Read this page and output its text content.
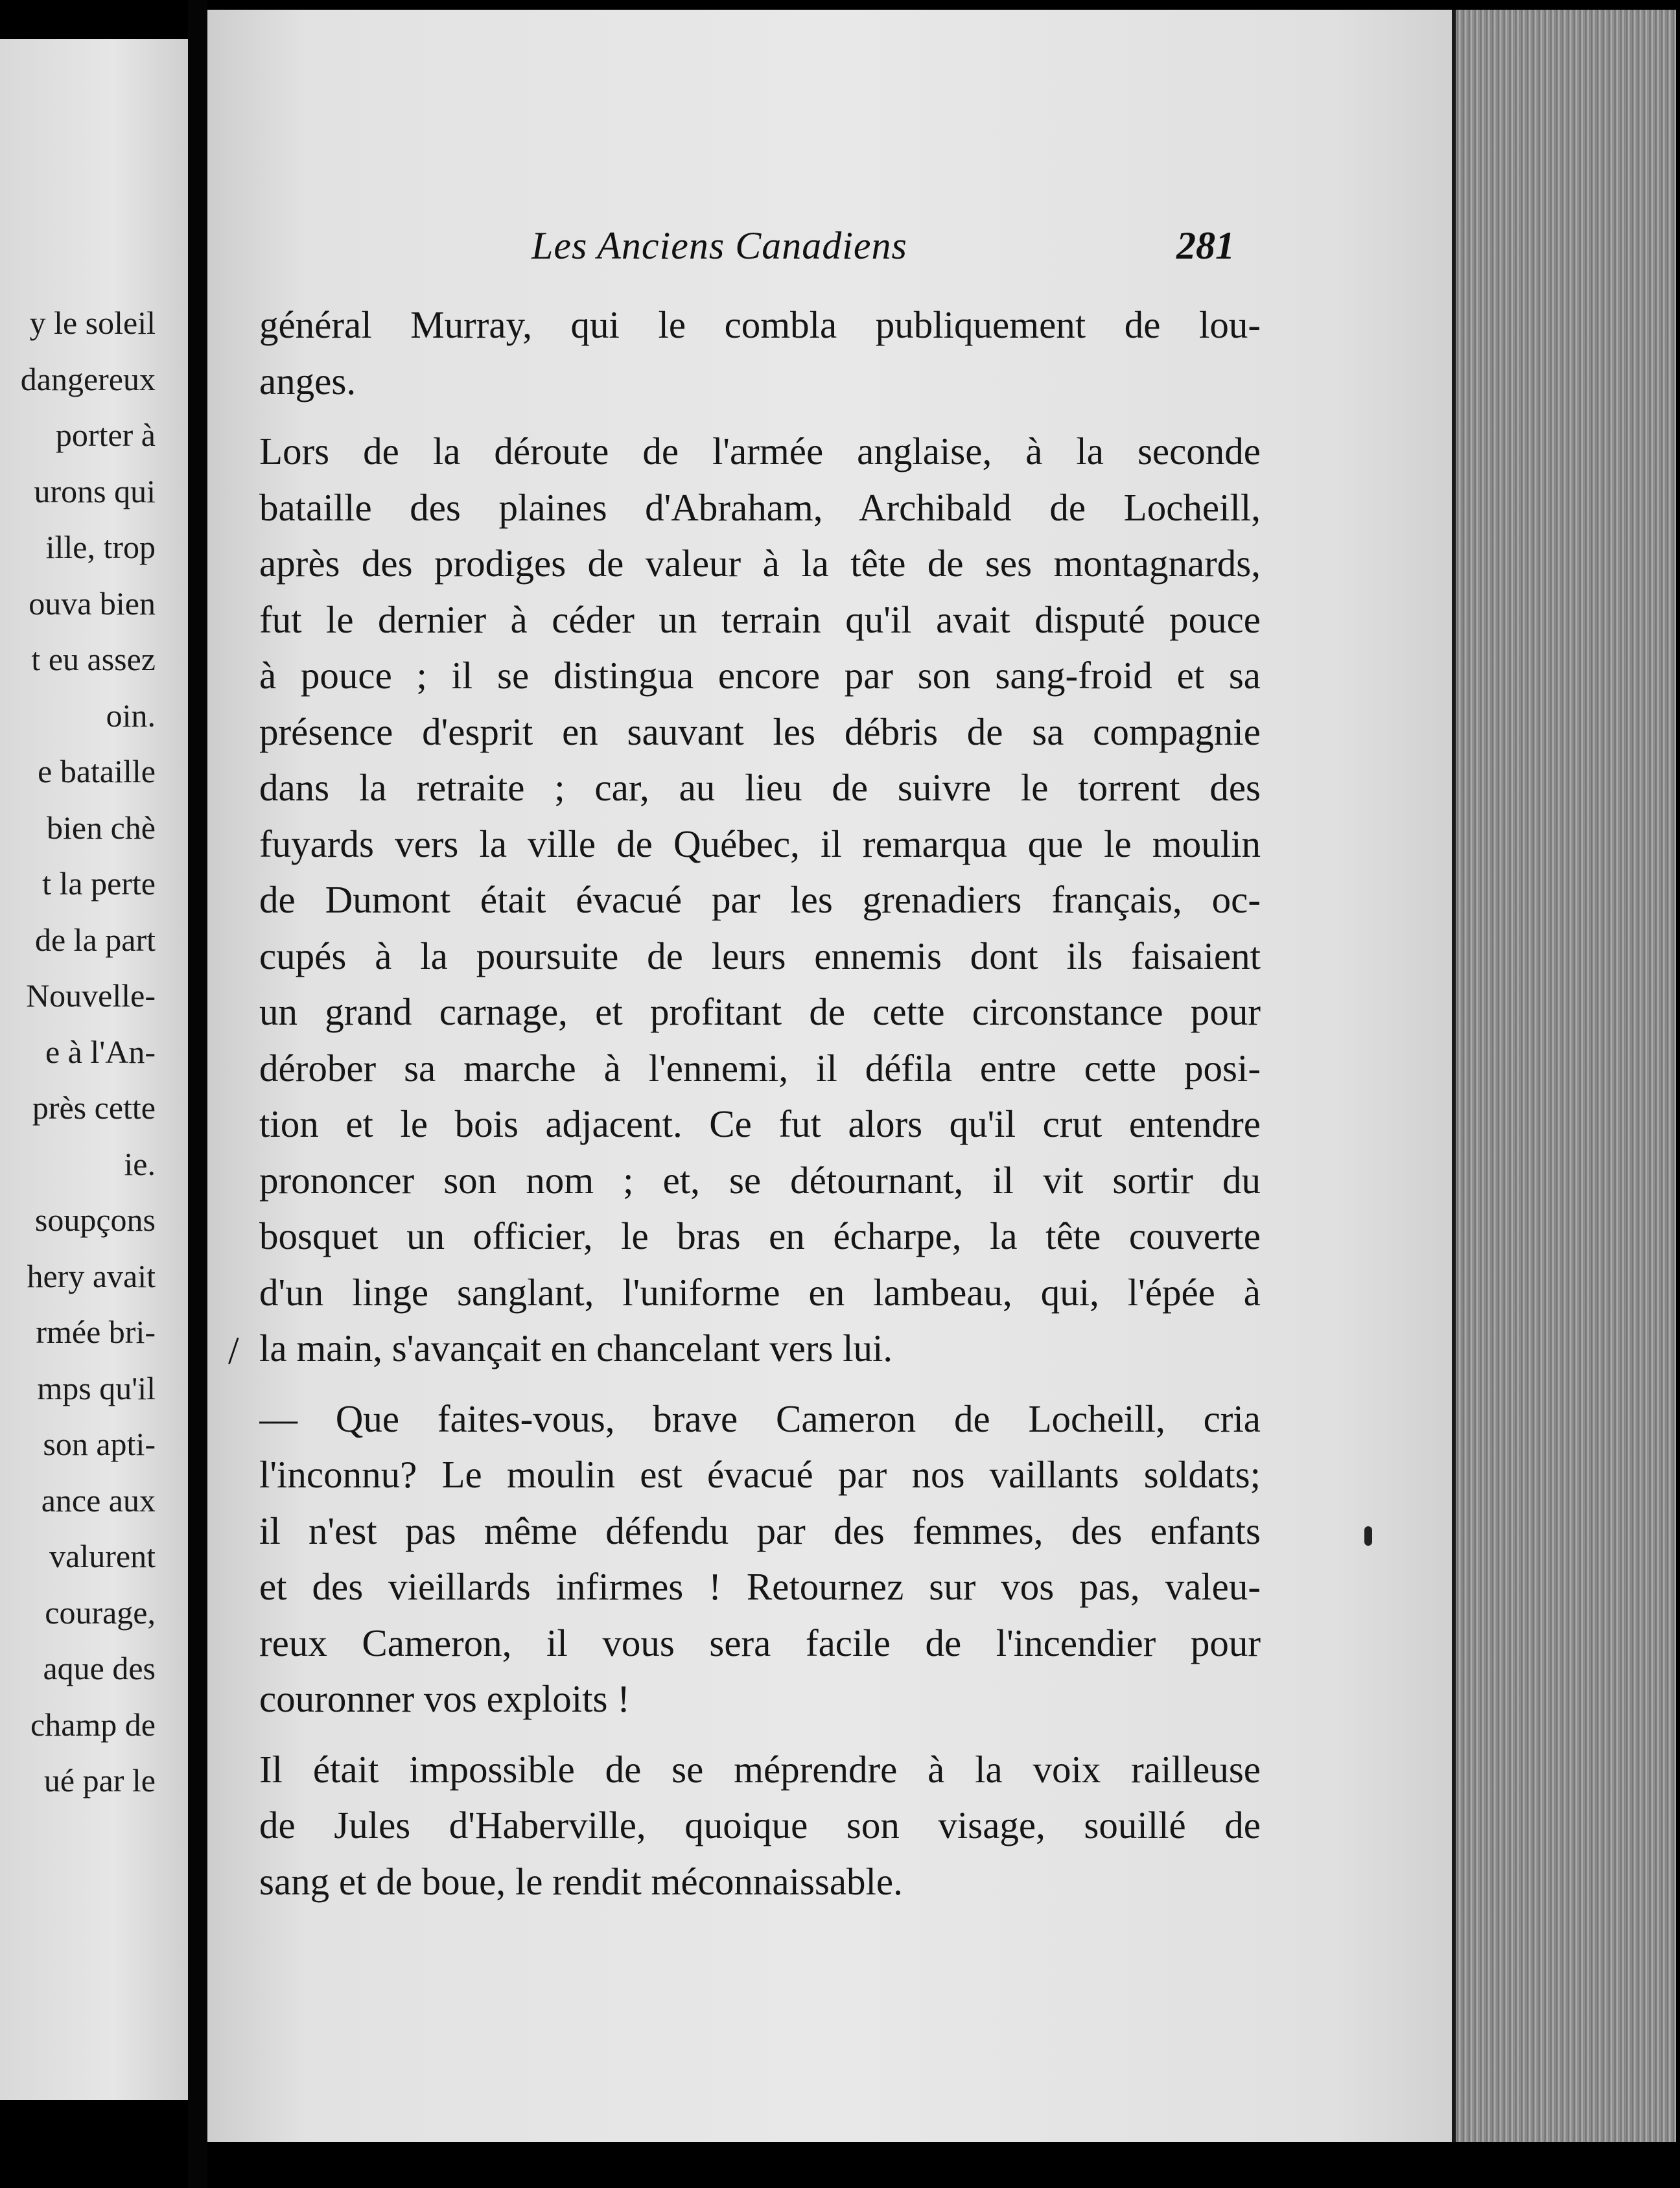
y le soleil
dangereux
porter à
urons qui
ille, trop
ouva bien
t eu assez
oin.
e bataille
bien chè
t la perte
de la part
Nouvelle-
e à l'An-
près cette
ie.
soupçons
hery avait
rmée bri-
mps qu'il
son apti-
ance aux
valurent
courage,
aque des
champ de
ué par le
Les Anciens Canadiens	281
général Murray, qui le combla publiquement de lou-
anges.
Lors de la déroute de l'armée anglaise, à la seconde
bataille des plaines d'Abraham, Archibald de Locheill,
après des prodiges de valeur à la tête de ses montagnards,
fut le dernier à céder un terrain qu'il avait disputé pouce
à pouce ; il se distingua encore par son sang-froid et sa
présence d'esprit en sauvant les débris de sa compagnie
dans la retraite ; car, au lieu de suivre le torrent des
fuyards vers la ville de Québec, il remarqua que le moulin
de Dumont était évacué par les grenadiers français, oc-
cupés à la poursuite de leurs ennemis dont ils faisaient
un grand carnage, et profitant de cette circonstance pour
dérober sa marche à l'ennemi, il défila entre cette posi-
tion et le bois adjacent. Ce fut alors qu'il crut entendre
prononcer son nom ; et, se détournant, il vit sortir du
bosquet un officier, le bras en écharpe, la tête couverte
d'un linge sanglant, l'uniforme en lambeau, qui, l'épée à
la main, s'avançait en chancelant vers lui.
— Que faites-vous, brave Cameron de Locheill, cria
l'inconnu? Le moulin est évacué par nos vaillants soldats;
il n'est pas même défendu par des femmes, des enfants
et des vieillards infirmes ! Retournez sur vos pas, valeu-
reux Cameron, il vous sera facile de l'incendier pour
couronner vos exploits !
Il était impossible de se méprendre à la voix railleuse
de Jules d'Haberville, quoique son visage, souillé de
sang et de boue, le rendit méconnaissable.
/
